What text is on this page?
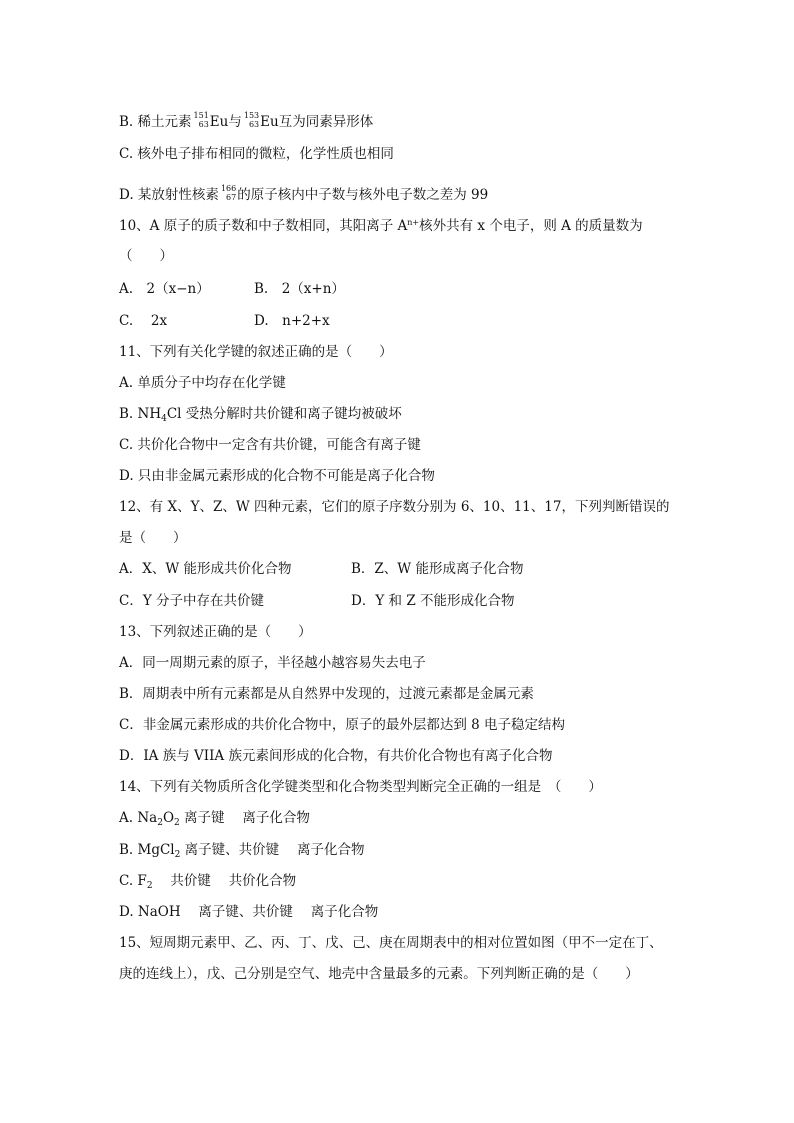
B. 稀土元素 151
63 Eu与 153
63 Eu互为同素异形体
C. 核外电子排布相同的微粒，化学性质也相同
D. 某放射性核素 166
67 的原子核内中子数与核外电子数之差为 99
10、A 原子的质子数和中子数相同，其阳离子 $A^{n+}$核外共有 x 个电子，则 A 的质量数为
（　　）
A.　2（x−n）	B.　2（x+n）
C.　 2x	D.　n+2+x
11、下列有关化学键的叙述正确的是（　　）
A. 单质分子中均存在化学键
B. $NH_4Cl$ 受热分解时共价键和离子键均被破坏
C. 共价化合物中一定含有共价键，可能含有离子键
D. 只由非金属元素形成的化合物不可能是离子化合物
12、有 X、Y、Z、W 四种元素，它们的原子序数分别为 6、10、11、17，下列判断错误的
是（　　）
A．X、W 能形成共价化合物	B．Z、W 能形成离子化合物
C．Y 分子中存在共价键	D．Y 和 Z 不能形成化合物
13、下列叙述正确的是（　　）
A．同一周期元素的原子，半径越小越容易失去电子
B．周期表中所有元素都是从自然界中发现的，过渡元素都是金属元素
C．非金属元素形成的共价化合物中，原子的最外层都达到 8 电子稳定结构
D．IA 族与 VIIA 族元素间形成的化合物，有共价化合物也有离子化合物
14、下列有关物质所含化学键类型和化合物类型判断完全正确的一组是　（　　）
A. $Na_2O_2$ 离子键　 离子化合物
B. MgCl$_2$ 离子键、共价键　 离子化合物
C. $F_2$　 共价键　 共价化合物
D. NaOH　 离子键、共价键　 离子化合物
15、短周期元素甲、乙、丙、丁、戊、己、庚在周期表中的相对位置如图（甲不一定在丁、
庚的连线上），戊、己分别是空气、地壳中含量最多的元素。下列判断正确的是（　　）
